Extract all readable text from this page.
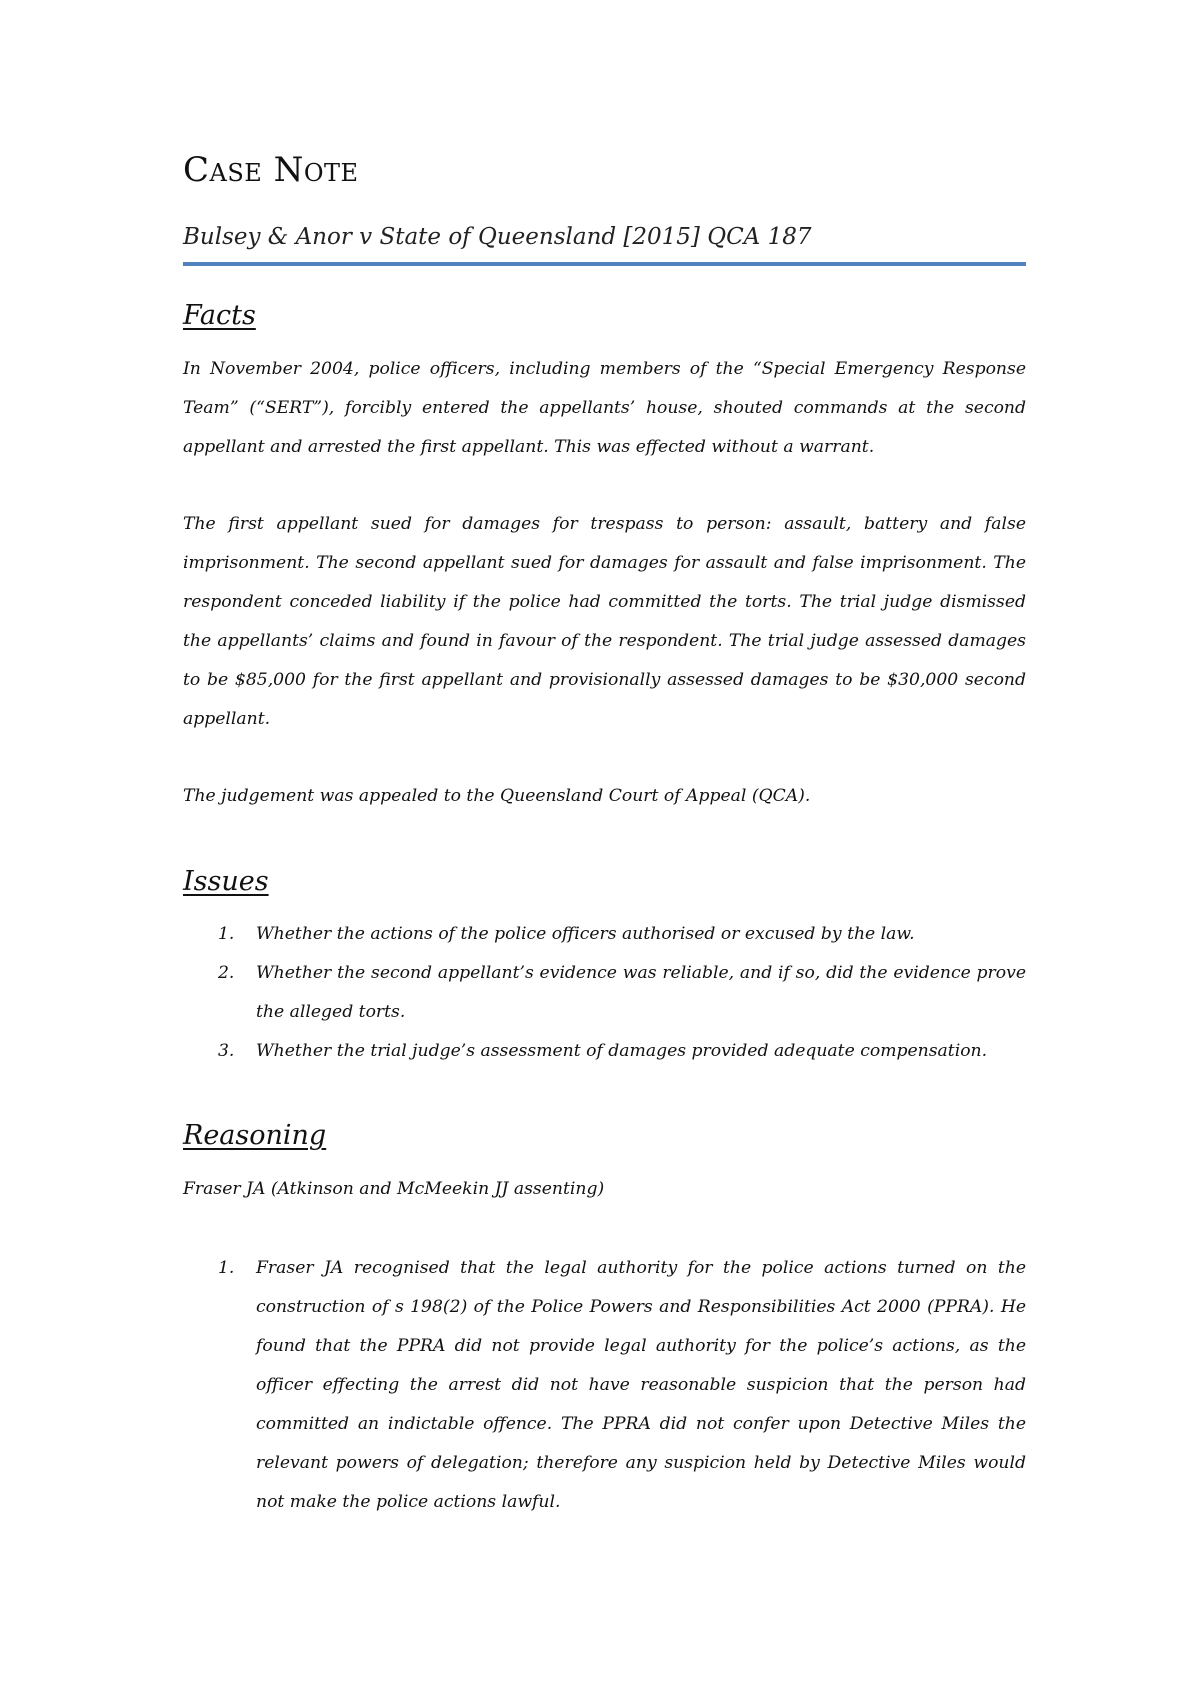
Case Note

Bulsey & Anor v State of Queensland [2015] QCA 187

Facts

In November 2004, police officers, including members of the “Special Emergency Response Team” (“SERT”), forcibly entered the appellants’ house, shouted commands at the second appellant and arrested the first appellant. This was effected without a warrant.

The first appellant sued for damages for trespass to person: assault, battery and false imprisonment. The second appellant sued for damages for assault and false imprisonment. The respondent conceded liability if the police had committed the torts. The trial judge dismissed the appellants’ claims and found in favour of the respondent. The trial judge assessed damages to be $85,000 for the first appellant and provisionally assessed damages to be $30,000 second appellant.

The judgement was appealed to the Queensland Court of Appeal (QCA).

Issues
1. Whether the actions of the police officers authorised or excused by the law.
2. Whether the second appellant’s evidence was reliable, and if so, did the evidence prove the alleged torts.
3. Whether the trial judge’s assessment of damages provided adequate compensation.
Reasoning

Fraser JA (Atkinson and McMeekin JJ assenting)

1. Fraser JA recognised that the legal authority for the police actions turned on the construction of s 198(2) of the Police Powers and Responsibilities Act 2000 (PPRA). He found that the PPRA did not provide legal authority for the police’s actions, as the officer effecting the arrest did not have reasonable suspicion that the person had committed an indictable offence. The PPRA did not confer upon Detective Miles the relevant powers of delegation; therefore any suspicion held by Detective Miles would not make the police actions lawful.
